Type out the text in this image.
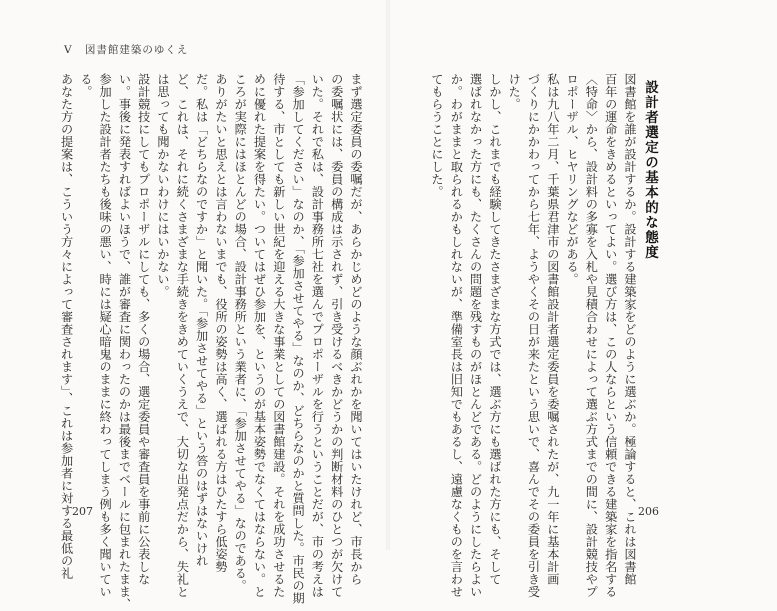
V 図書館建築のゆくえ

まず選定委員の委嘱だが、あらかじめどのような顔ぶれかを聞いてはいたけれど、市長から

の委嘱状には、委員の構成は示されず、引き受けるべきかどうかの判断材料のひとつが欠けて

いた。それで私は、設計事務所七社を選んでプロポーザルを行うということだが、市の考えは

「参加してください」なのか、「参加させてやる」なのか、どちらなのかと質問した。市民の期

待する、市としても新しい世紀を迎える大きな事業としての図書館建設。それを成功させるた

めに優れた提案を得たい。ついてはぜひ参加を、というのが基本姿勢でなくてはならない。と

ころが実際にはほとんどの場合、設計事務所という業者に、「参加させてやる」なのである。

ありがたいと思えとは言わないまでも、役所の姿勢は高く、選ばれる方はひたすら低姿勢

だ。私は「どちらなのですか」と聞いた。「参加させてやる」という答のはずはないけれ

ど、これは、それに続くさまざまな手続きをきめていくうえで、大切な出発点だから、失礼と

は思っても聞かないわけにはいかない。

設計競技にしてもプロポーザルにしても、多くの場合、選定委員や審査員を事前に公表しな

い。事後に発表すればよいほうで、誰が審査に関わったのかは最後までベールに包まれたまま、

参加した設計者たちも後味の悪い、時には疑心暗鬼のままに終わってしまう例も多く聞いてい

る。

あなた方の提案は、こういう方々によって審査されます」、これは参加者に対する最低の礼	図書館を誰が設計するか。設計する建築家をどのように選ぶか。極論すると、これは図書館

百年の運命をきめるといってよい。選び方は、この人ならという信頼できる建築家を指名する

〈特命〉から、設計料の多寡を入札や見積合わせによって選ぶ方式までの間に、設計競技やプ

ロポーザル、ヒヤリングなどがある。

私は九八年二月、千葉県君津市の図書館設計者選定委員を委嘱されたが、九一年に基本計画

づくりにかかわってから七年、ようやくその日が来たという思いで、喜んでその委員を引き受

けた。

しかし、これまでも経験してきたさまざまな方式では、選ぶ方にも選ばれた方にも、そして

選ばれなかった方にも、たくさんの問題を残すものがほとんどである。どのようにしたらよい

か。わがままと取られるかもしれないが、準備室長は旧知でもあるし、遠慮なくものを言わせ

てもらうことにした。	設計者選定の基本的な態度
207	206
